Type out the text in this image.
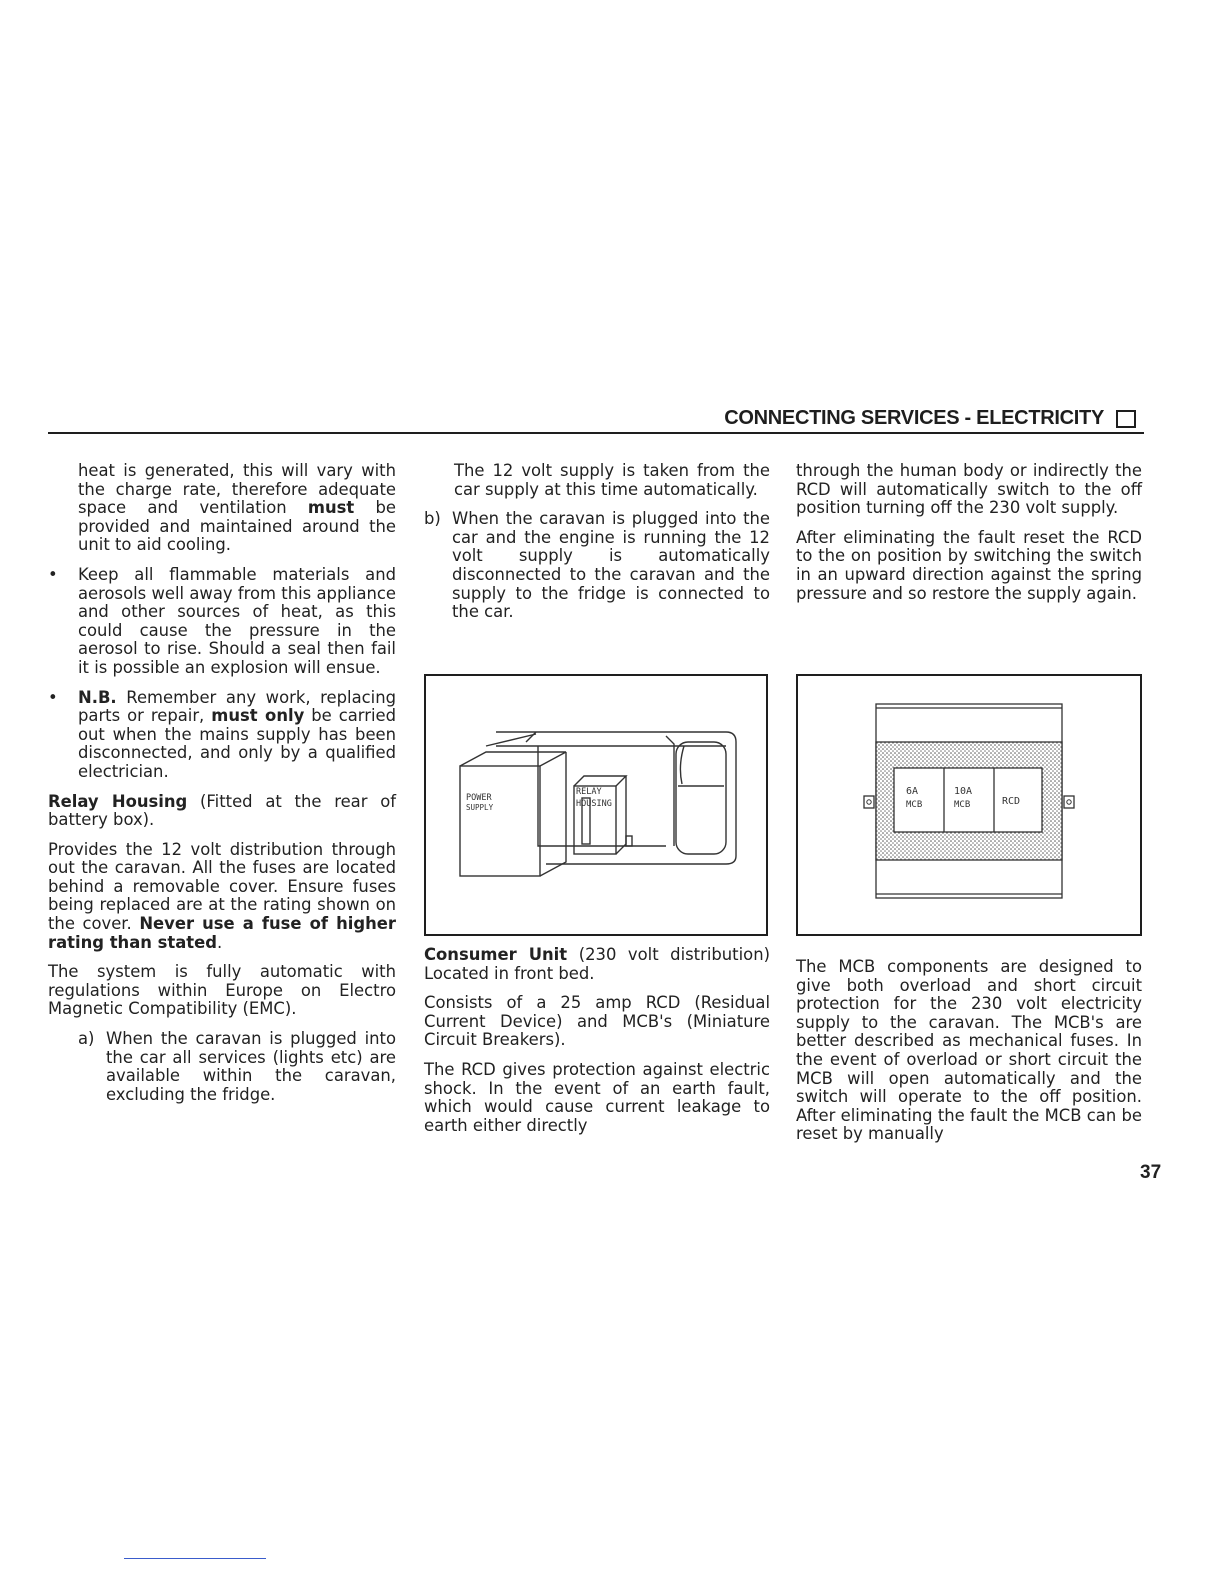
CONNECTING SERVICES - ELECTRICITY

heat is generated, this will vary with the charge rate, therefore adequate space and ventilation must be provided and maintained around the unit to aid cooling.

• Keep all flammable materials and aerosols well away from this appliance and other sources of heat, as this could cause the pressure in the aerosol to rise. Should a seal then fail it is possible an explosion will ensue.

• N.B. Remember any work, replacing parts or repair, must only be carried out when the mains supply has been disconnected, and only by a qualified electrician.

Relay Housing (Fitted at the rear of battery box).

Provides the 12 volt distribution through out the caravan. All the fuses are located behind a removable cover. Ensure fuses being replaced are at the rating shown on the cover. Never use a fuse of higher rating than stated.

The system is fully automatic with regulations within Europe on Electro Magnetic Compatibility (EMC).

a) When the caravan is plugged into the car all services (lights etc) are available within the caravan, excluding the fridge.

The 12 volt supply is taken from the car supply at this time automatically.

b) When the caravan is plugged into the car and the engine is running the 12 volt supply is automatically disconnected to the caravan and the supply to the fridge is connected to the car.

Consumer Unit (230 volt distribution) Located in front bed.

Consists of a 25 amp RCD (Residual Current Device) and MCB's (Miniature Circuit Breakers).

The RCD gives protection against electric shock. In the event of an earth fault, which would cause current leakage to earth either directly

through the human body or indirectly the RCD will automatically switch to the off position turning off the 230 volt supply.

After eliminating the fault reset the RCD to the on position by switching the switch in an upward direction against the spring pressure and so restore the supply again.

The MCB components are designed to give both overload and short circuit protection for the 230 volt electricity supply to the caravan. The MCB's are better described as mechanical fuses. In the event of overload or short circuit the MCB will open automatically and the switch will operate to the off position. After eliminating the fault the MCB can be reset by manually

POWER
SUPPLY
RELAY
HOUSING
6A
MCB
10A
MCB	RCD
37
